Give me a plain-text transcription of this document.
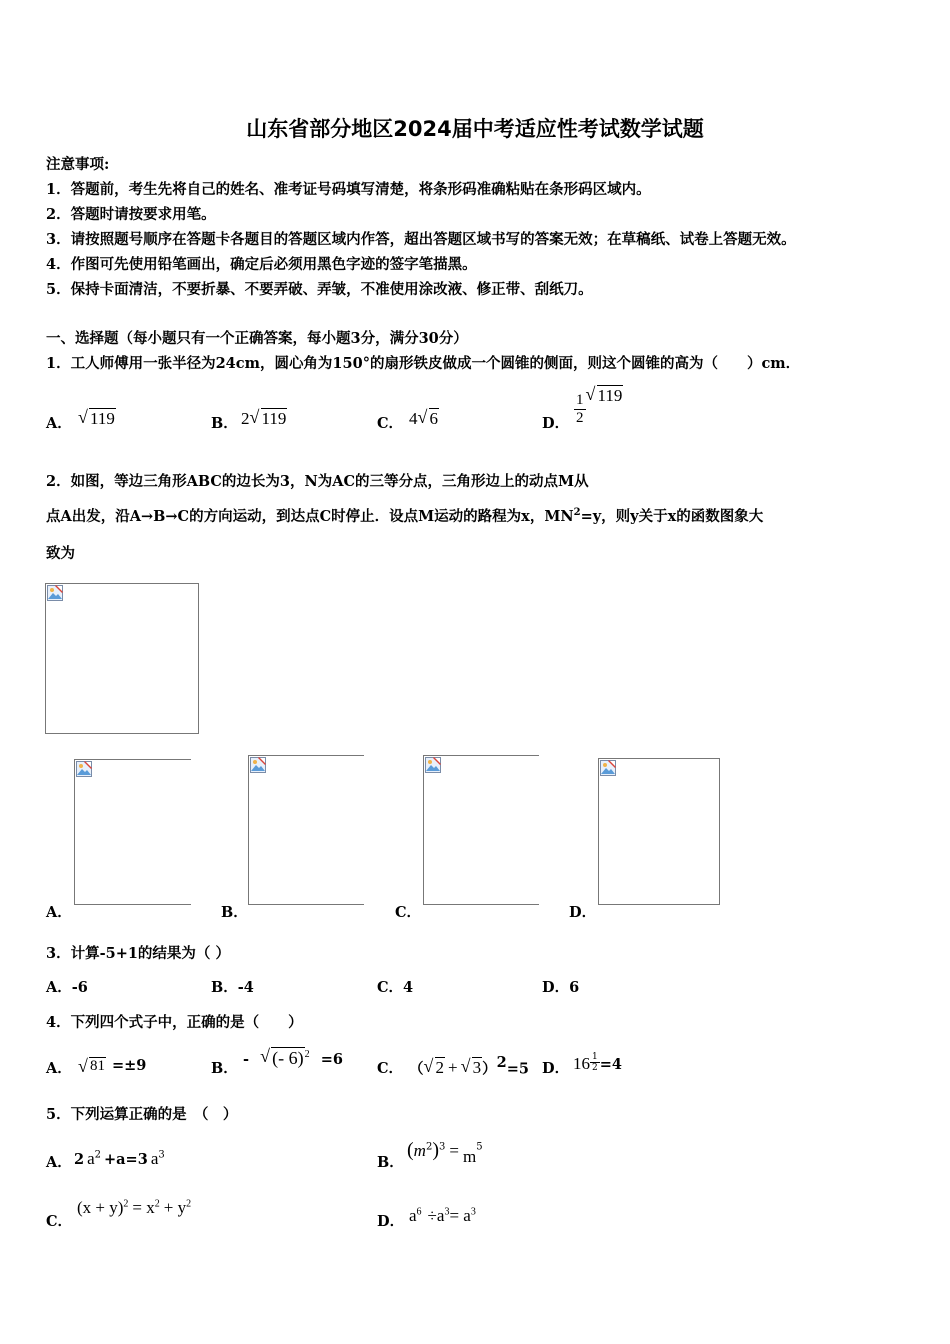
山东省部分地区2024届中考适应性考试数学试题
注意事项:
1．答题前，考生先将自己的姓名、准考证号码填写清楚，将条形码准确粘贴在条形码区域内。
2．答题时请按要求用笔。
3．请按照题号顺序在答题卡各题目的答题区域内作答，超出答题区域书写的答案无效；在草稿纸、试卷上答题无效。
4．作图可先使用铅笔画出，确定后必须用黑色字迹的签字笔描黑。
5．保持卡面清洁，不要折暴、不要弄破、弄皱，不准使用涂改液、修正带、刮纸刀。
一、选择题（每小题只有一个正确答案，每小题3分，满分30分）
1．工人师傅用一张半径为24cm，圆心角为150°的扇形铁皮做成一个圆锥的侧面，则这个圆锥的高为（　　）cm．
A．	√ 119	B． 2 √ 119	C． 4 √ 6	D． $\frac{1}{2}$ √ 119
2．如图，等边三角形ABC的边长为3，N为AC的三等分点，三角形边上的动点M从
点A出发，沿A→B→C的方向运动，到达点C时停止．设点M运动的路程为x，$MN^2=y$，则y关于x的函数图象大
致为
A．	B．	C．	D．
3．计算-5+1的结果为（ ）
A．-6	B．-4	C．4	D．6
4．下列四个式子中，正确的是（　　）
A．	√ 81 =±9	B．
- √ (- 6)$^2$ =6
C． （ √ 2 + √ 3）$^2$=5 D． $16 \frac{1}{2} =4$
5．下列运算正确的是　（　）
A． 2 $a^2 +a=3$ $a^3$	B．
$(m^2)^3 = m^5$
C．
$(x + y)^2 = x^2 + y^2$
D． $a^6 \div a^3= a^3$
